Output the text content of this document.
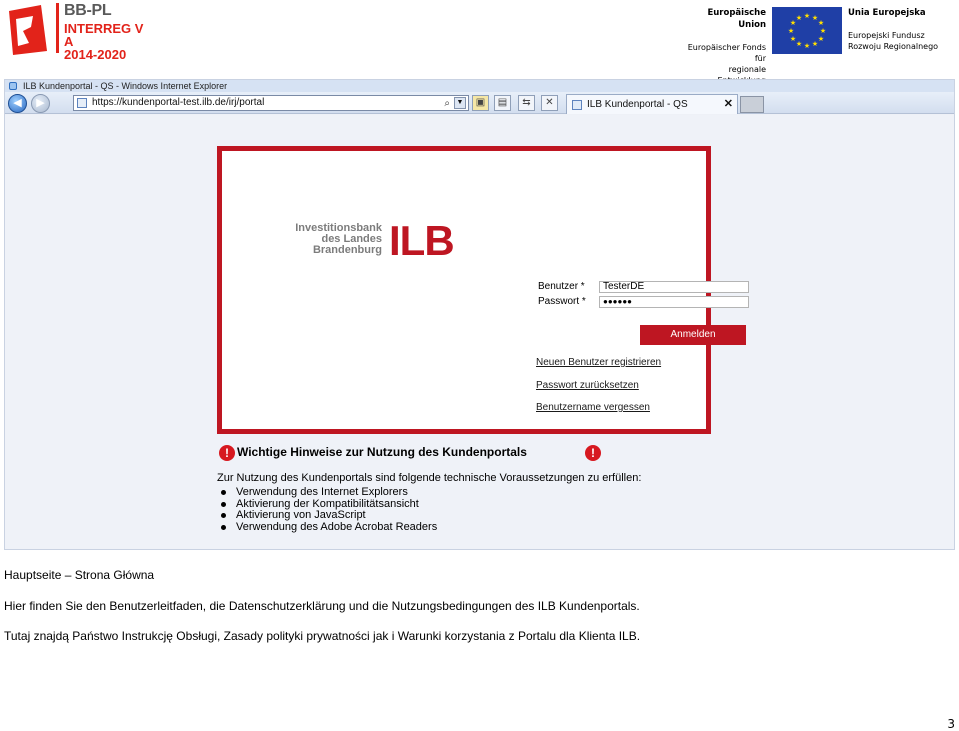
BB-PL
INTERREG V A
2014-2020
Europäische Union
Europäischer Fonds für
regionale
★ ★
★
★
★
★
★
★
★
★
★
★	Unia Europejska
Europejski Fundusz
Rozwoju Regionalnego
ILB Kundenportal - QS - Windows Internet Explorer
◀	▶	https://kundenportal-test.ilb.de/irj/portal	⌕ ▼	▣	▤	⇆	✕	ILB Kundenportal - QS	✕
Investitionsbank
des Landes
Brandenburg ILB
Benutzer *	TesterDE
Passwort *	●●●●●●
Anmelden
Neuen Benutzer registrieren
Passwort zurücksetzen
Benutzername vergessen
! Wichtige Hinweise zur Nutzung des Kundenportals	!
Zur Nutzung des Kundenportals sind folgende technische Voraussetzungen zu erfüllen:
Verwendung des Internet Explorers
Aktivierung der Kompatibilitätsansicht
Aktivierung von JavaScript
Verwendung des Adobe Acrobat Readers
Hauptseite – Strona Główna
Hier finden Sie den Benutzerleitfaden, die Datenschutzerklärung und die Nutzungsbedingungen des ILB Kundenportals.
Tutaj znajdą Państwo Instrukcję Obsługi, Zasady polityki prywatności jak i Warunki korzystania z Portalu dla Klienta ILB.
3
